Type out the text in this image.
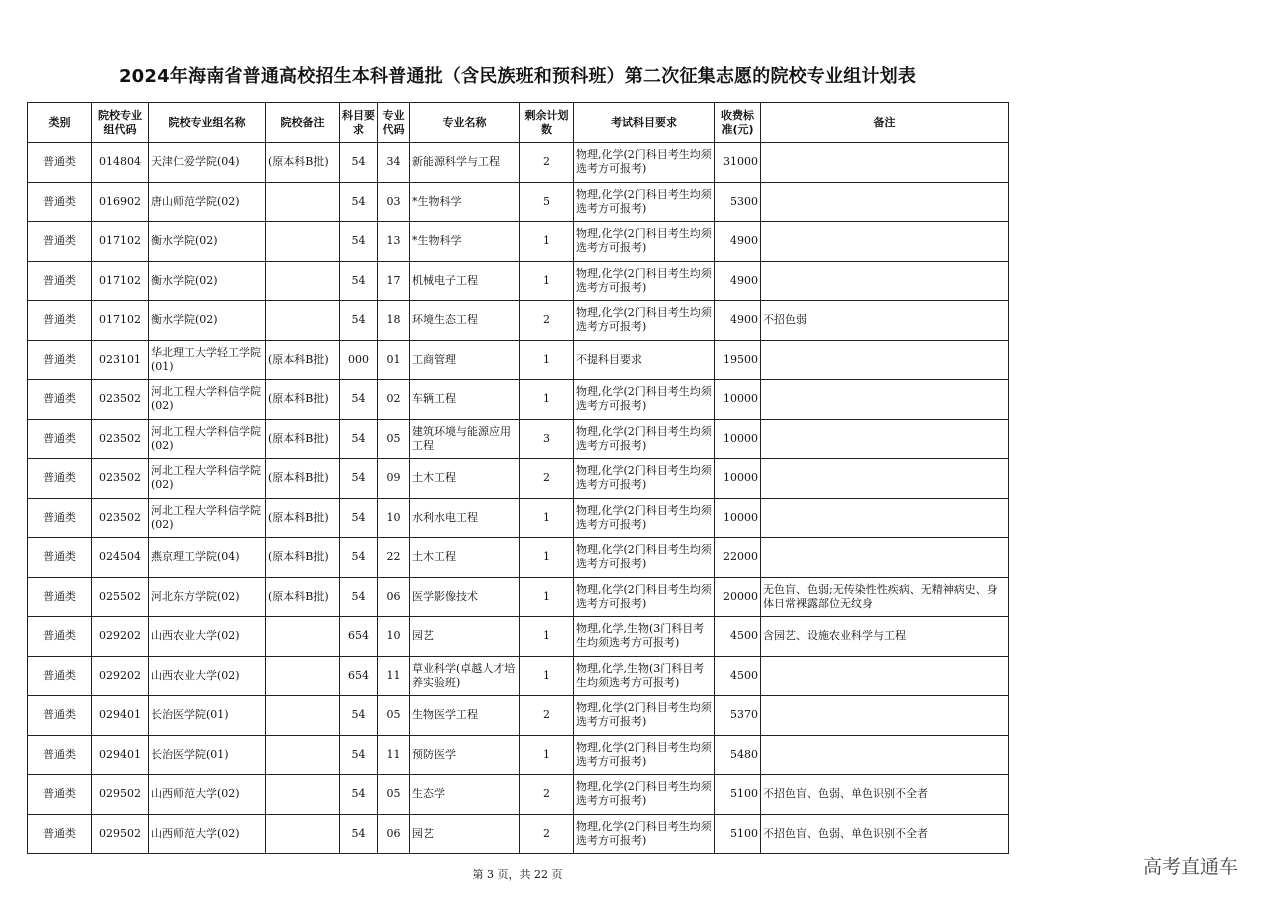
2024年海南省普通高校招生本科普通批（含民族班和预科班）第二次征集志愿的院校专业组计划表
类别	院校专业组代码	院校专业组名称	院校备注	科目要求	专业代码	专业名称	剩余计划数	考试科目要求	收费标准(元)	备注
普通类	014804	天津仁爱学院(04)	(原本科B批)	54	34	新能源科学与工程	2	物理,化学(2门科目考生均须选考方可报考)	31000	
普通类	016902	唐山师范学院(02)		54	03	*生物科学	5	物理,化学(2门科目考生均须选考方可报考)	5300	
普通类	017102	衡水学院(02)		54	13	*生物科学	1	物理,化学(2门科目考生均须选考方可报考)	4900	
普通类	017102	衡水学院(02)		54	17	机械电子工程	1	物理,化学(2门科目考生均须选考方可报考)	4900	
普通类	017102	衡水学院(02)		54	18	环境生态工程	2	物理,化学(2门科目考生均须选考方可报考)	4900	不招色弱
普通类	023101	华北理工大学轻工学院(01)	(原本科B批)	000	01	工商管理	1	不提科目要求	19500	
普通类	023502	河北工程大学科信学院(02)	(原本科B批)	54	02	车辆工程	1	物理,化学(2门科目考生均须选考方可报考)	10000	
普通类	023502	河北工程大学科信学院(02)	(原本科B批)	54	05	建筑环境与能源应用工程	3	物理,化学(2门科目考生均须选考方可报考)	10000	
普通类	023502	河北工程大学科信学院(02)	(原本科B批)	54	09	土木工程	2	物理,化学(2门科目考生均须选考方可报考)	10000	
普通类	023502	河北工程大学科信学院(02)	(原本科B批)	54	10	水利水电工程	1	物理,化学(2门科目考生均须选考方可报考)	10000	
普通类	024504	燕京理工学院(04)	(原本科B批)	54	22	土木工程	1	物理,化学(2门科目考生均须选考方可报考)	22000	
普通类	025502	河北东方学院(02)	(原本科B批)	54	06	医学影像技术	1	物理,化学(2门科目考生均须选考方可报考)	20000	无色盲、色弱;无传染性性疾病、无精神病史、身体日常裸露部位无纹身
普通类	029202	山西农业大学(02)		654	10	园艺	1	物理,化学,生物(3门科目考生均须选考方可报考)	4500	含园艺、设施农业科学与工程
普通类	029202	山西农业大学(02)		654	11	草业科学(卓越人才培养实验班)	1	物理,化学,生物(3门科目考生均须选考方可报考)	4500	
普通类	029401	长治医学院(01)		54	05	生物医学工程	2	物理,化学(2门科目考生均须选考方可报考)	5370	
普通类	029401	长治医学院(01)		54	11	预防医学	1	物理,化学(2门科目考生均须选考方可报考)	5480	
普通类	029502	山西师范大学(02)		54	05	生态学	2	物理,化学(2门科目考生均须选考方可报考)	5100	不招色盲、色弱、单色识别不全者
普通类	029502	山西师范大学(02)		54	06	园艺	2	物理,化学(2门科目考生均须选考方可报考)	5100	不招色盲、色弱、单色识别不全者
第 3 页，共 22 页	高考直通车
